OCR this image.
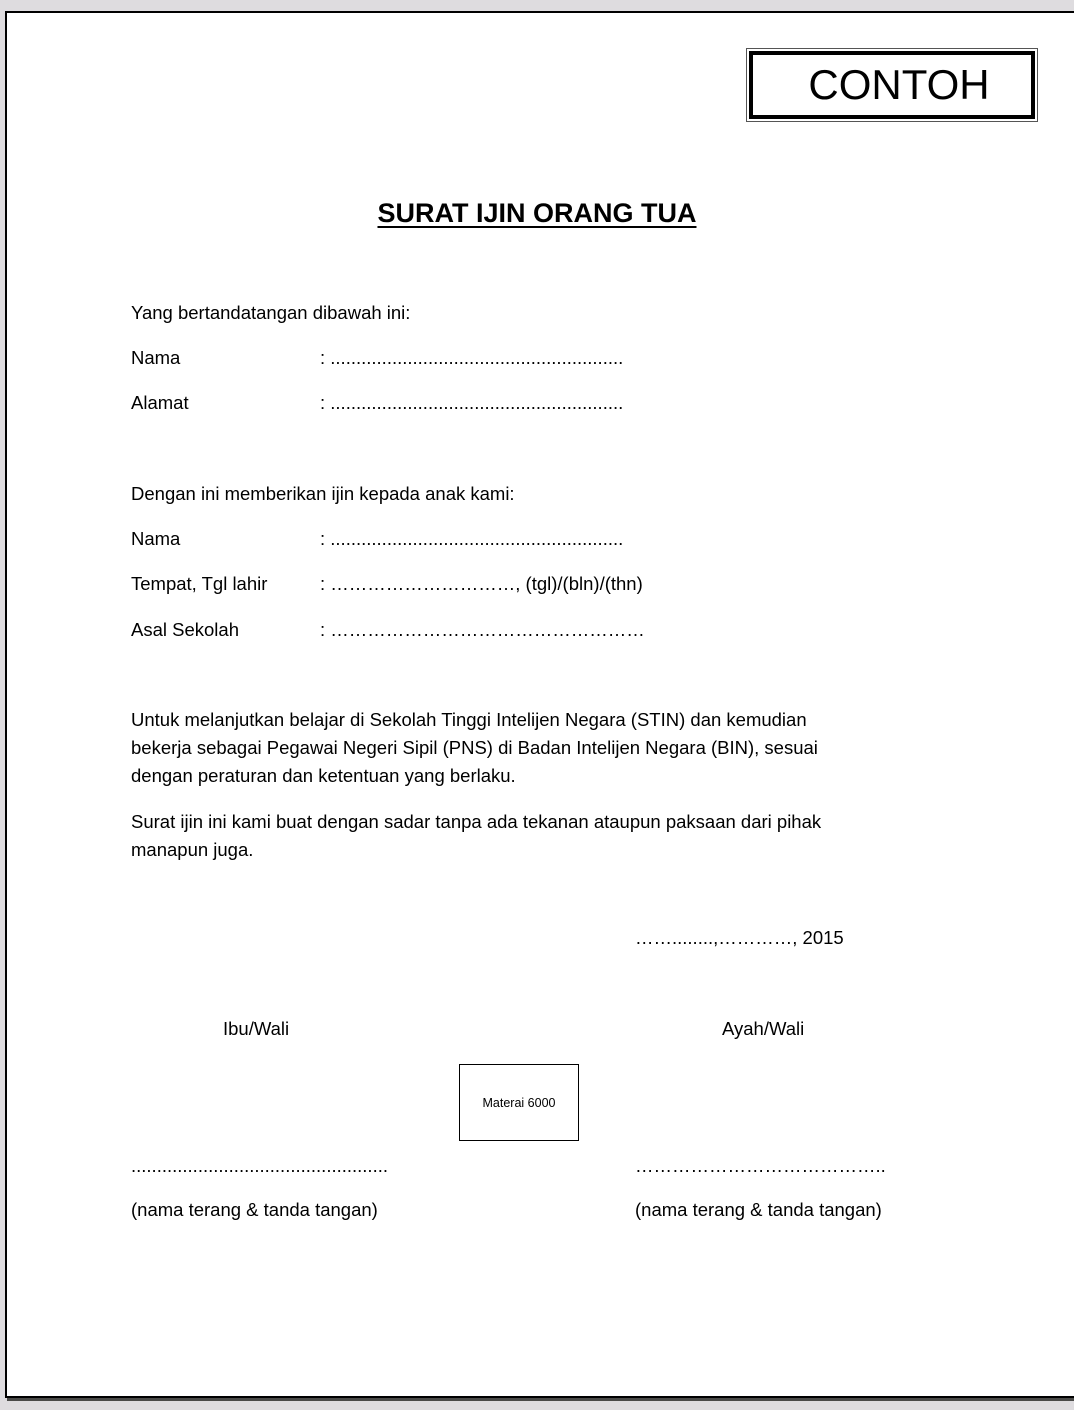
CONTOH
SURAT IJIN ORANG TUA
Yang bertandatangan dibawah ini:
Nama	: .........................................................
Alamat	: .........................................................
Dengan ini memberikan ijin kepada anak kami:
Nama	: .........................................................
Tempat, Tgl lahir	: …………………………, (tgl)/(bln)/(thn)
Asal Sekolah	: ……………………………………………
Untuk melanjutkan belajar di Sekolah Tinggi Intelijen Negara (STIN) dan kemudian
bekerja sebagai Pegawai Negeri Sipil (PNS) di Badan Intelijen Negara (BIN), sesuai
dengan peraturan dan ketentuan yang berlaku.
Surat ijin ini kami buat dengan sadar tanpa ada tekanan ataupun paksaan dari pihak
manapun juga.
……........,…………, 2015
Ibu/Wali	Ayah/Wali
Materai 6000
..................................................	…………………………………..
(nama terang & tanda tangan)	(nama terang & tanda tangan)
